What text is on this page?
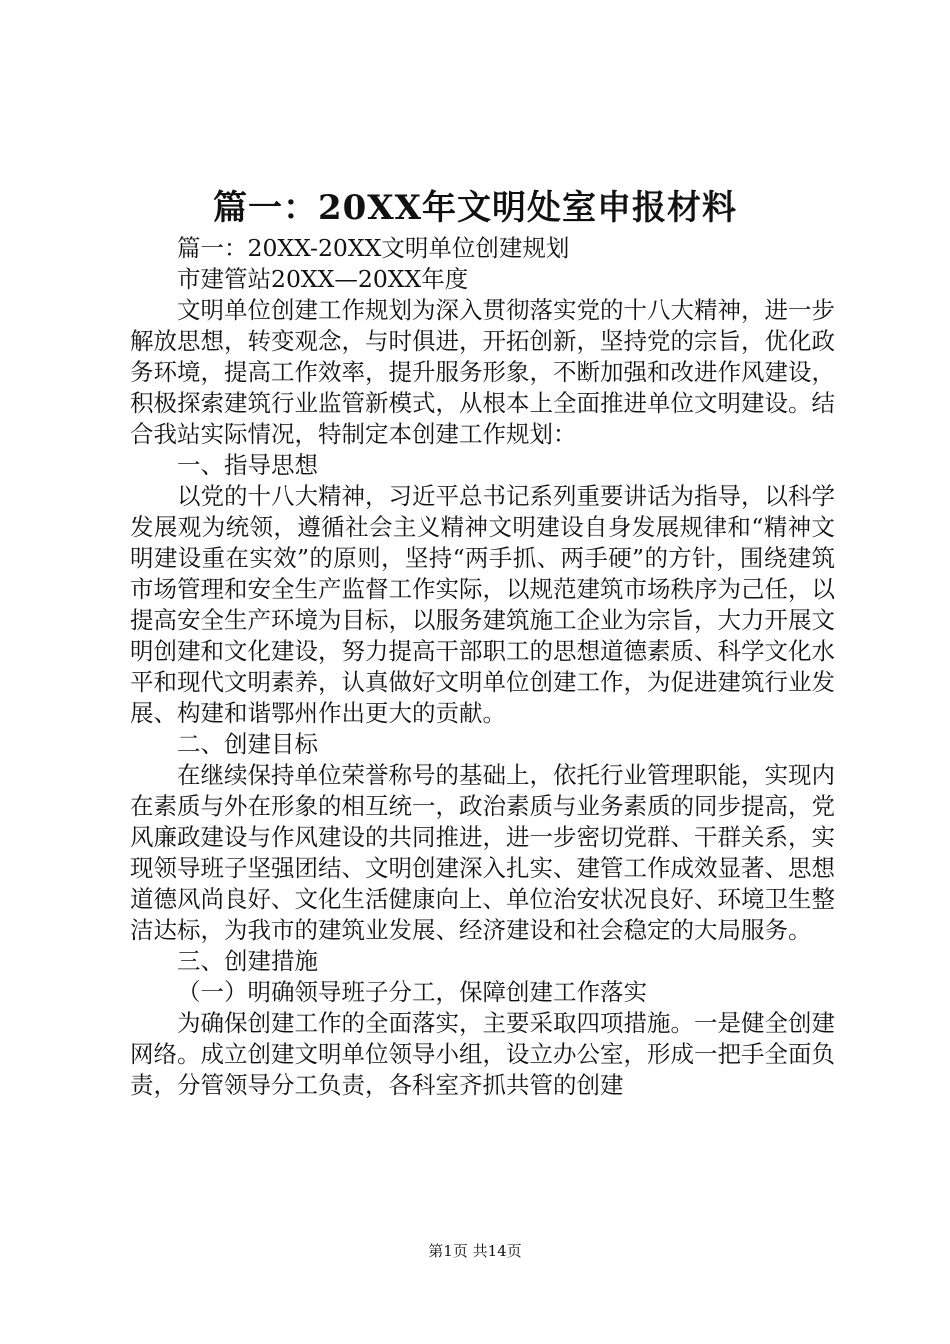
篇一：20XX年文明处室申报材料

篇一：20XX-20XX文明单位创建规划

市建管站20XX—20XX年度

文明单位创建工作规划为深入贯彻落实党的十八大精神，进一步解放思想，转变观念，与时俱进，开拓创新，坚持党的宗旨，优化政务环境，提高工作效率，提升服务形象，不断加强和改进作风建设，积极探索建筑行业监管新模式，从根本上全面推进单位文明建设。结合我站实际情况，特制定本创建工作规划：

一、指导思想

以党的十八大精神，习近平总书记系列重要讲话为指导，以科学发展观为统领，遵循社会主义精神文明建设自身发展规律和“精神文明建设重在实效”的原则，坚持“两手抓、两手硬”的方针，围绕建筑市场管理和安全生产监督工作实际，以规范建筑市场秩序为己任，以提高安全生产环境为目标，以服务建筑施工企业为宗旨，大力开展文明创建和文化建设，努力提高干部职工的思想道德素质、科学文化水平和现代文明素养，认真做好文明单位创建工作，为促进建筑行业发展、构建和谐鄂州作出更大的贡献。

二、创建目标

在继续保持单位荣誉称号的基础上，依托行业管理职能，实现内在素质与外在形象的相互统一，政治素质与业务素质的同步提高，党风廉政建设与作风建设的共同推进，进一步密切党群、干群关系，实现领导班子坚强团结、文明创建深入扎实、建管工作成效显著、思想道德风尚良好、文化生活健康向上、单位治安状况良好、环境卫生整洁达标，为我市的建筑业发展、经济建设和社会稳定的大局服务。

三、创建措施

（一）明确领导班子分工，保障创建工作落实

为确保创建工作的全面落实，主要采取四项措施。一是健全创建网络。成立创建文明单位领导小组，设立办公室，形成一把手全面负责，分管领导分工负责，各科室齐抓共管的创建

第1页 共14页
